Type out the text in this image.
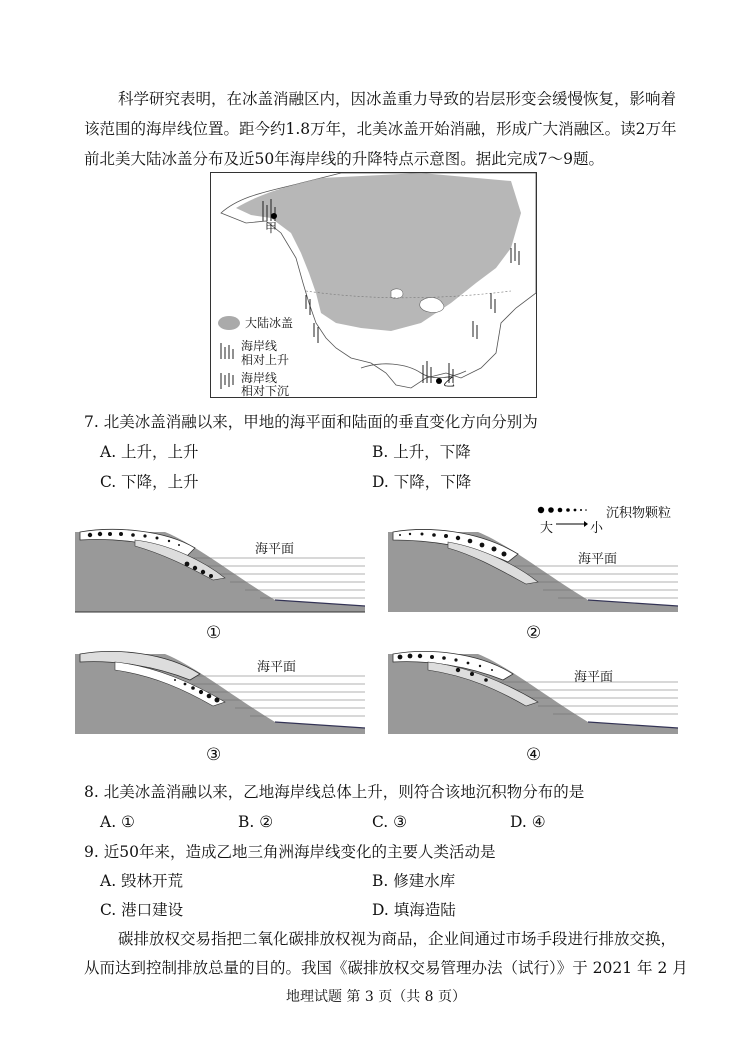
科学研究表明，在冰盖消融区内，因冰盖重力导致的岩层形变会缓慢恢复，影响着
该范围的海岸线位置。距今约1.8万年，北美冰盖开始消融，形成广大消融区。读2万年
前北美大陆冰盖分布及近50年海岸线的升降特点示意图。据此完成7～9题。
甲
乙
大陆冰盖
海岸线
相对上升
海岸线
相对下沉
7. 北美冰盖消融以来，甲地的海平面和陆面的垂直变化方向分别为
A. 上升，上升	B. 上升，下降
C. 下降，上升	D. 下降，下降
沉积物颗粒
大	小
海平面
①
海平面
②
海平面
③
海平面
④
8. 北美冰盖消融以来，乙地海岸线总体上升，则符合该地沉积物分布的是
A. ①	B. ②	C. ③	D. ④
9. 近50年来，造成乙地三角洲海岸线变化的主要人类活动是
A. 毁林开荒	B. 修建水库
C. 港口建设	D. 填海造陆
碳排放权交易指把二氧化碳排放权视为商品，企业间通过市场手段进行排放交换，
从而达到控制排放总量的目的。我国《碳排放权交易管理办法（试行）》于 2021 年 2 月
地理试题 第 3 页（共 8 页）
